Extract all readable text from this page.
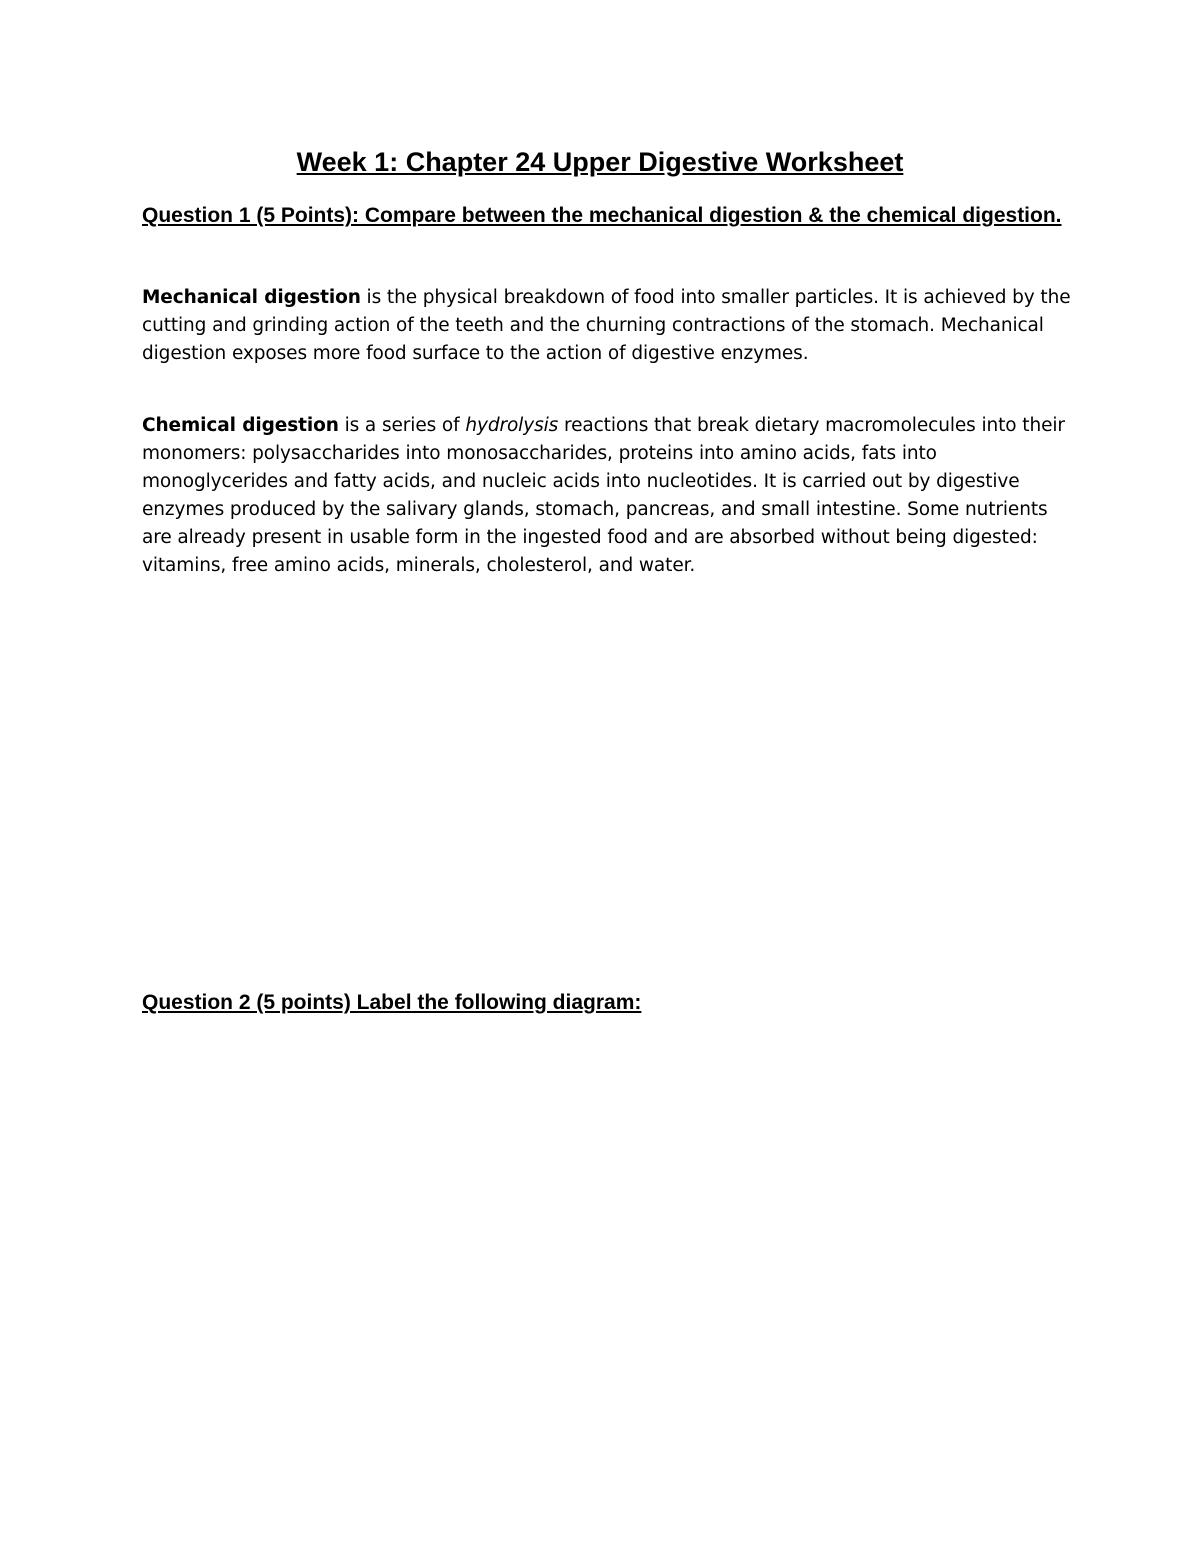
Week 1: Chapter 24 Upper Digestive Worksheet

Question 1 (5 Points): Compare between the mechanical digestion & the chemical digestion.

Mechanical digestion is the physical breakdown of food into smaller particles. It is achieved by the cutting and grinding action of the teeth and the churning contractions of the stomach. Mechanical digestion exposes more food surface to the action of digestive enzymes.

Chemical digestion is a series of hydrolysis reactions that break dietary macromolecules into their monomers: polysaccharides into monosaccharides, proteins into amino acids, fats into monoglycerides and fatty acids, and nucleic acids into nucleotides. It is carried out by digestive enzymes produced by the salivary glands, stomach, pancreas, and small intestine. Some nutrients are already present in usable form in the ingested food and are absorbed without being digested: vitamins, free amino acids, minerals, cholesterol, and water.

Question 2 (5 points) Label the following diagram:
